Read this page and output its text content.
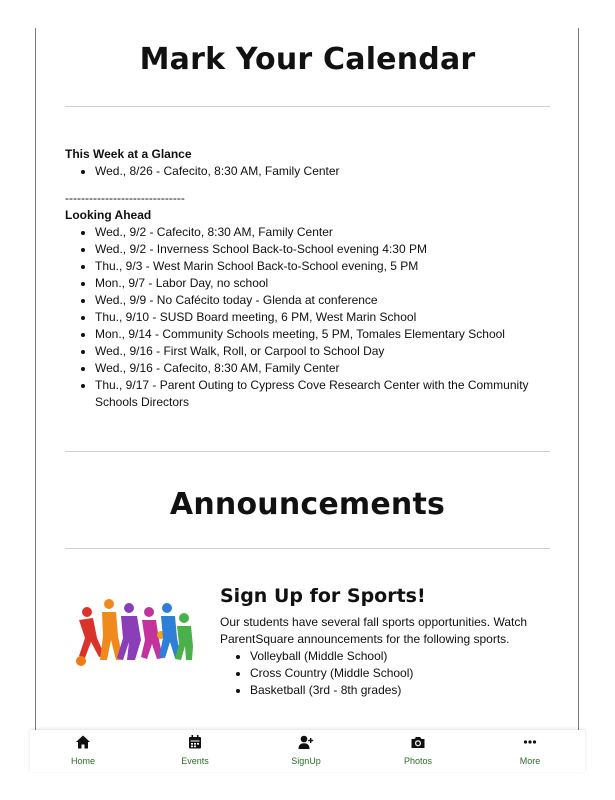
Mark Your Calendar
This Week at a Glance
• Wed., 8/26 - Cafecito, 8:30 AM, Family Center
------------------------------
Looking Ahead
• Wed., 9/2 - Cafecito, 8:30 AM, Family Center
• Wed., 9/2 - Inverness School Back-to-School evening 4:30 PM
• Thu., 9/3 - West Marin School Back-to-School evening, 5 PM
• Mon., 9/7 - Labor Day, no school
• Wed., 9/9 - No Cafécito today - Glenda at conference
• Thu., 9/10 - SUSD Board meeting, 6 PM, West Marin School
• Mon., 9/14 - Community Schools meeting, 5 PM, Tomales Elementary School
• Wed., 9/16 - First Walk, Roll, or Carpool to School Day
• Wed., 9/16 - Cafecito, 8:30 AM, Family Center
• Thu., 9/17 - Parent Outing to Cypress Cove Research Center with the Community Schools Directors
Announcements
Sign Up for Sports!

Our students have several fall sports opportunities. Watch ParentSquare announcements for the following sports.

• Volleyball (Middle School)
• Cross Country (Middle School)
• Basketball (3rd - 8th grades)
Home	Events	SignUp	Photos	More
